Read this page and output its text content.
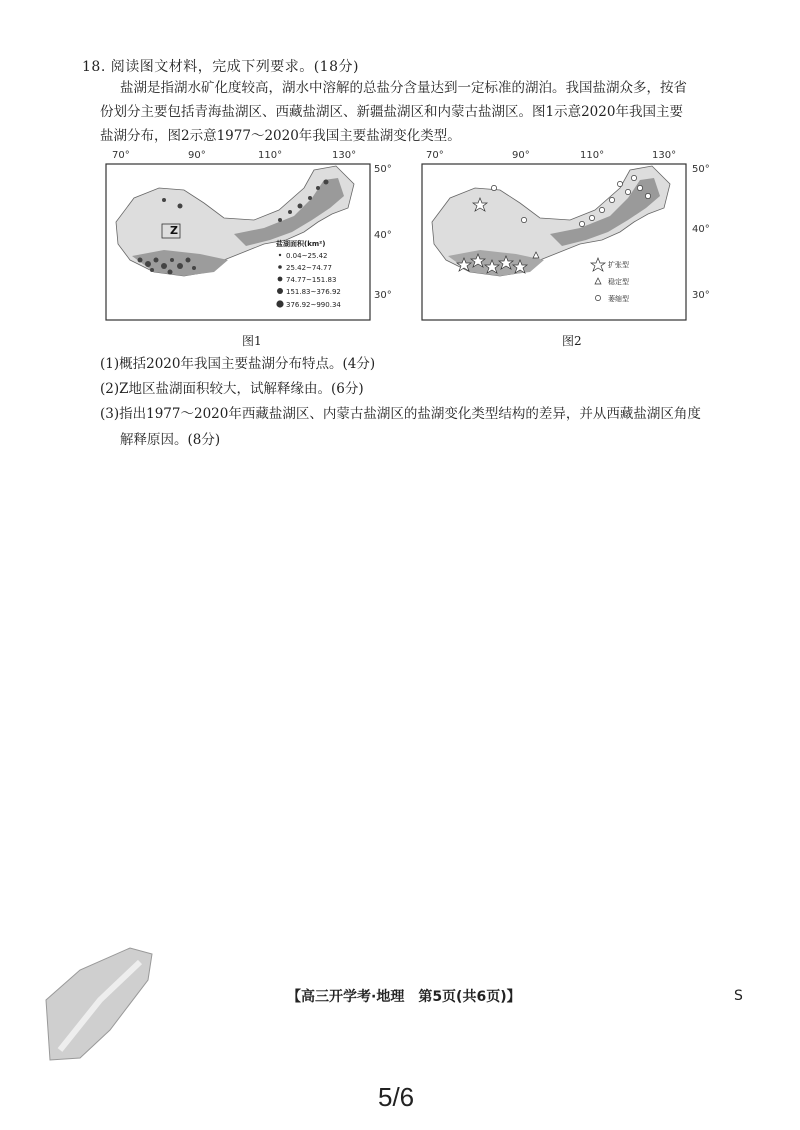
18. 阅读图文材料，完成下列要求。(18分)
盐湖是指湖水矿化度较高，湖水中溶解的总盐分含量达到一定标准的湖泊。我国盐湖众多，按省
份划分主要包括青海盐湖区、西藏盐湖区、新疆盐湖区和内蒙古盐湖区。图1示意2020年我国主要
盐湖分布，图2示意1977～2020年我国主要盐湖变化类型。
70°	90°	110°	130°
50°
40°
30°
Z
盐湖面积(km²)
0.04~25.42
25.42~74.77
74.77~151.83
151.83~376.92
376.92~990.34
图1
70°	90°	110°	130°
50°
40°
30°
扩张型
稳定型
萎缩型
图2
(1)概括2020年我国主要盐湖分布特点。(4分)
(2)Z地区盐湖面积较大，试解释缘由。(6分)
(3)指出1977～2020年西藏盐湖区、内蒙古盐湖区的盐湖变化类型结构的差异，并从西藏盐湖区角度
解释原因。(8分)
【高三开学考·地理　第5页(共6页)】	S
5/6
